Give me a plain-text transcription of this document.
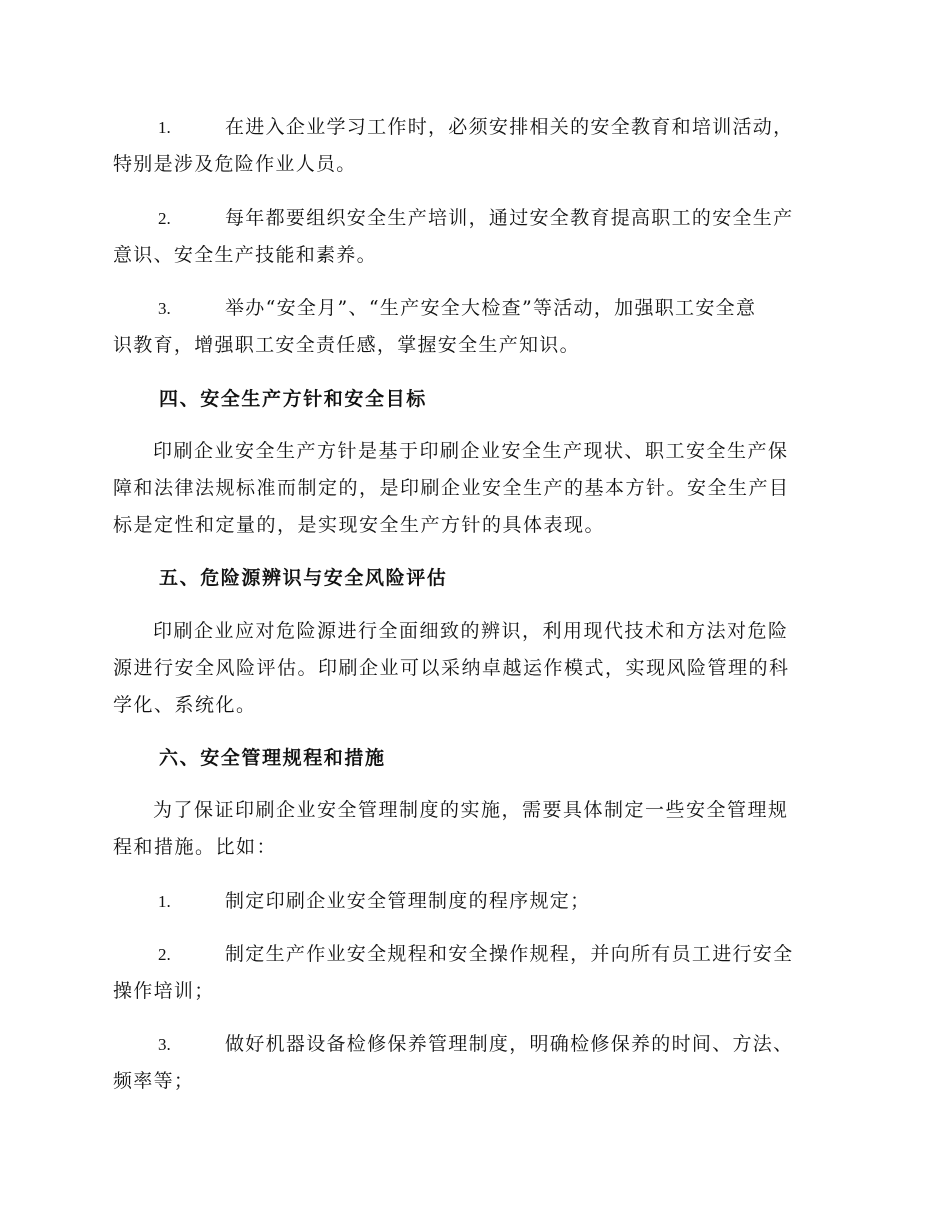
1.	在进入企业学习工作时，必须安排相关的安全教育和培训活动，
特别是涉及危险作业人员。
2.	每年都要组织安全生产培训，通过安全教育提高职工的安全生产
意识、安全生产技能和素养。
3.	举办“安全月”、“生产安全大检查”等活动，加强职工安全意
识教育，增强职工安全责任感，掌握安全生产知识。
四、安全生产方针和安全目标
印刷企业安全生产方针是基于印刷企业安全生产现状、职工安全生产保
障和法律法规标准而制定的，是印刷企业安全生产的基本方针。安全生产目
标是定性和定量的，是实现安全生产方针的具体表现。
五、危险源辨识与安全风险评估
印刷企业应对危险源进行全面细致的辨识，利用现代技术和方法对危险
源进行安全风险评估。印刷企业可以采纳卓越运作模式，实现风险管理的科
学化、系统化。
六、安全管理规程和措施
为了保证印刷企业安全管理制度的实施，需要具体制定一些安全管理规
程和措施。比如：
1.	制定印刷企业安全管理制度的程序规定；
2.	制定生产作业安全规程和安全操作规程，并向所有员工进行安全
操作培训；
3.	做好机器设备检修保养管理制度，明确检修保养的时间、方法、
频率等；
